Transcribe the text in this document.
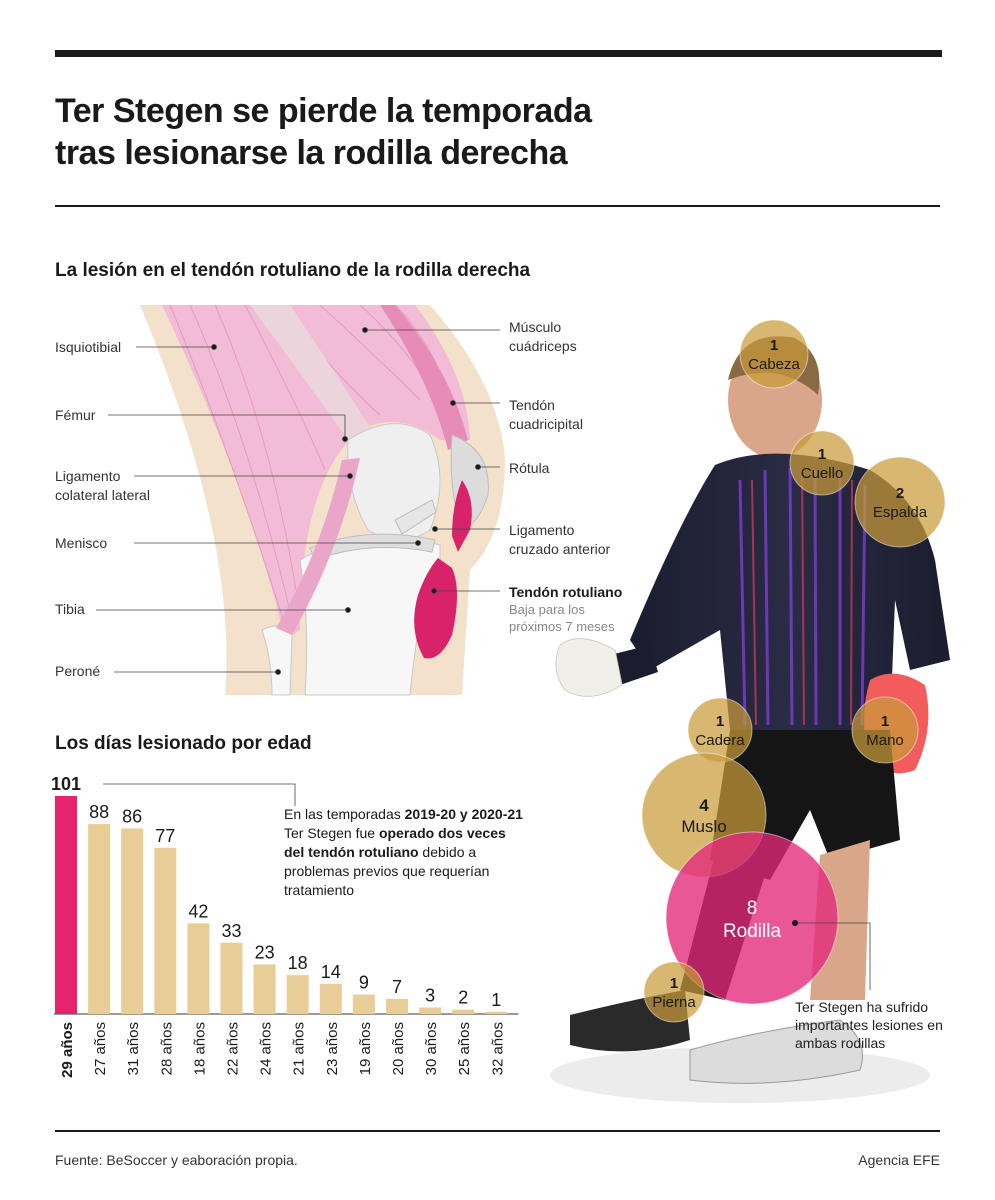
Ter Stegen se pierde la temporada
tras lesionarse la rodilla derecha
La lesión en el tendón rotuliano de la rodilla derecha
Isquiotibial
Fémur
Ligamento
colateral lateral
Menisco
Tibia
Peroné
Músculo
cuádriceps
Tendón
cuadricipital
Rótula
Ligamento
cruzado anterior
Tendón rotuliano
Baja para los
próximos 7 meses
1
Cabeza
1
Cuello
2
Espalda
1
Cadera
1
Mano
4
Muslo
8
Rodilla
1
Pierna	Ter Stegen ha sufrido importantes lesiones en ambas rodillas
Los días lesionado por edad
101
29 años
88
27 años
86
31 años
77
28 años
42
18 años
33
22 años
23
24 años
18
21 años
14
23 años
9
19 años
7
20 años
3
30 años
2
25 años
1
32 años
En las temporadas 2019-20 y 2020-21 Ter Stegen fue operado dos veces del tendón rotuliano debido a problemas previos que requerían tratamiento
Fuente: BeSoccer y eaboración propia.	Agencia EFE
